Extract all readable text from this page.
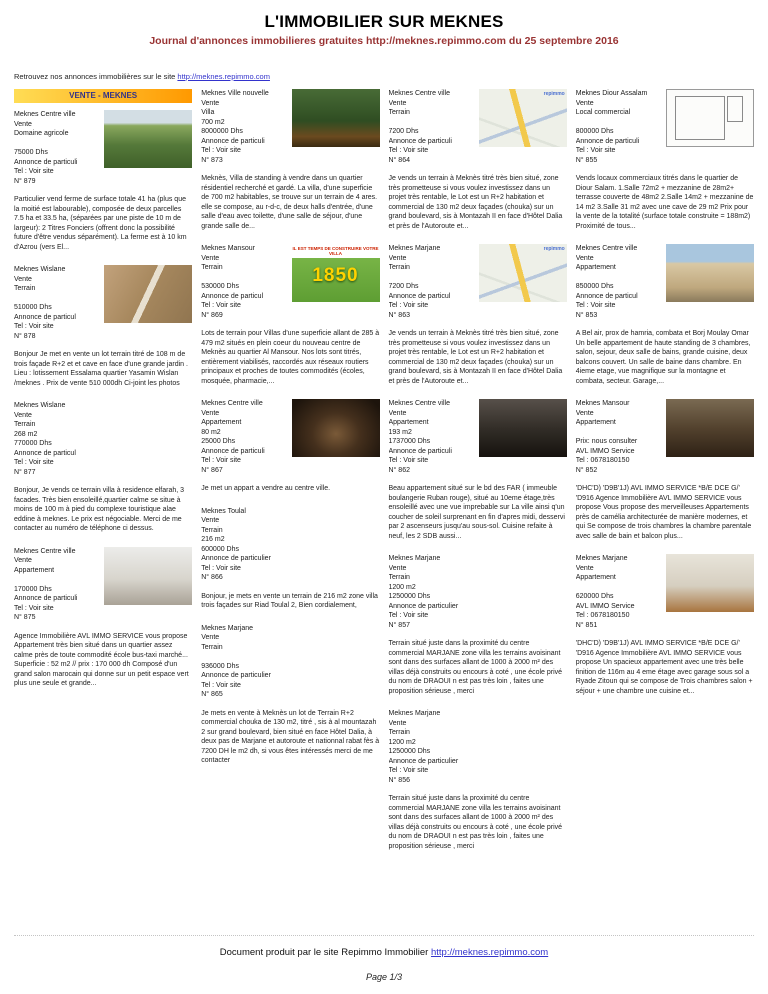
L'IMMOBILIER SUR MEKNES
Journal d'annonces immobilieres gratuites http://meknes.repimmo.com du 25 septembre 2016
Retrouvez nos annonces immobilières sur le site http://meknes.repimmo.com
VENTE - MEKNES
Meknes Centre ville
Vente
Domaine agricole
75000 Dhs
Annonce de particuli
Tel : Voir site
N° 879
Particulier vend ferme de surface totale 41 ha (plus que la moitié est labourable), composée de deux parcelles 7.5 ha et 33.5 ha, (séparées par une piste de 10 m de largeur): 2 Titres Fonciers (offrent donc la possibilité future d'être vendus séparément). La ferme est à 10 km d'Azrou (vers El...
Meknes Wislane
Vente
Terrain
510000 Dhs
Annonce de particul
Tel : Voir site
N° 878
Bonjour Je met en vente un lot terrain titré de 108 m de trois façade R+2 et et cave en face d'une grande jardin . Lieu : lotissement Essalama quartier Yasamin Wislan /meknes . Prix de vente 510 000dh Ci-joint les photos
Meknes Wislane
Vente
Terrain
268 m2
770000 Dhs
Annonce de particul
Tel : Voir site
N° 877
Bonjour, Je vends ce terrain villa à residence elfarah, 3 facades. Très bien ensoleillé,quartier calme se situe à moins de 100 m à pied du complexe touristique alae eddine à meknes. Le prix est négociable. Merci de me contacter au numéro de téléphone ci dessus.
Meknes Centre ville
Vente
Appartement
170000 Dhs
Annonce de particuli
Tel : Voir site
N° 875
Agence Immobilière AVL IMMO SERVICE vous propose Appartement très bien situé dans un quartier assez calme près de toute commodité école bus-taxi marché... Superficie : 52 m2 // prix : 170 000 dh Composé d'un grand salon marocain qui donne sur un petit espace vert plus une seule et grande...
Meknes Ville nouvelle
Vente
Villa
700 m2
8000000 Dhs
Annonce de particuli
Tel : Voir site
N° 873
Meknès, Villa de standing à vendre dans un quartier résidentiel recherché et gardé. La villa, d'une superficie de 700 m2 habitables, se trouve sur un terrain de 4 ares. elle se compose, au r-d-c, de deux halls d'entrée, d'une salle d'eau avec toilette, d'une salle de séjour, d'une grande salle de...
Meknes Mansour
Vente
Terrain
530000 Dhs
Annonce de particul
Tel : Voir site
N° 869
IL EST TEMPS DE CONSTRUIRE VOTRE VILLA
1850
Lots de terrain pour Villas d'une superficie allant de 285 à 479 m2 situés en plein coeur du nouveau centre de Meknès au quartier Al Mansour. Nos lots sont titrés, entièrement viabilisés, raccordés aux réseaux routiers principaux et proches de toutes commodités (écoles, mosquée, pharmacie,...
Meknes Centre ville
Vente
Appartement
80 m2
25000 Dhs
Annonce de particuli
Tel : Voir site
N° 867
Je met un appart a vendre au centre ville.
Meknes Toulal
Vente
Terrain
216 m2
600000 Dhs
Annonce de particulier
Tel : Voir site
N° 866
Bonjour, je mets en vente un terrain de 216 m2 zone villa trois façades sur Riad Toulal 2, Bien cordialement,
Meknes Marjane
Vente
Terrain
936000 Dhs
Annonce de particulier
Tel : Voir site
N° 865
Je mets en vente à Meknès un lot de Terrain R+2 commercial chouka de 130 m2, titré , sis à al mountazah 2 sur grand boulevard, bien situé en face Hôtel Dalia, à deux pas de Marjane et autoroute et nationnal rabat fès à 7200 DH le m2 dh, si vous êtes intéressés merci de me contacter
Meknes Centre ville
Vente
Terrain
7200 Dhs
Annonce de particuli
Tel : Voir site
N° 864
repimmo
Je vends un terrain à Meknès titré très bien situé, zone très prometteuse si vous voulez investissez dans un projet très rentable, le Lot est un R+2 habitation et commercial de 130 m2 deux façades (chouka) sur un grand boulevard, sis à Montazah II en face d'Hôtel Dalia et près de l'Autoroute et...
Meknes Marjane
Vente
Terrain
7200 Dhs
Annonce de particul
Tel : Voir site
N° 863
repimmo
Je vends un terrain à Meknès titré très bien situé, zone très prometteuse si vous voulez investissez dans un projet très rentable, le Lot est un R+2 habitation et commercial de 130 m2 deux façades (chouka) sur un grand boulevard, sis à Montazah II en face d'Hôtel Dalia et près de l'Autoroute et...
Meknes Centre ville
Vente
Appartement
193 m2
1737000 Dhs
Annonce de particuli
Tel : Voir site
N° 862
Beau appartement situé sur le bd des FAR ( immeuble boulangerie Ruban rouge), situé au 10eme étage,très ensoleillé avec une vue imprebable sur La ville ainsi q'un coucher de soleil surprenant en fin d'apres midi, desservi par 2 ascenseurs jusqu'au sous-sol. Cuisine refaite à neuf, les 2 SDB aussi...
Meknes Marjane
Vente
Terrain
1200 m2
1250000 Dhs
Annonce de particulier
Tel : Voir site
N° 857
Terrain situé juste dans la proximité du centre commercial MARJANE zone villa les terrains avoisinant sont dans des surfaces allant de 1000 à 2000 m² des villas déjà construits ou encours à coté , une école privé du nom de DRAOUI n est pas très loin , faites une proposition sérieuse , merci
Meknes Marjane
Vente
Terrain
1200 m2
1250000 Dhs
Annonce de particulier
Tel : Voir site
N° 856
Terrain situé juste dans la proximité du centre commercial MARJANE zone villa les terrains avoisinant sont dans des surfaces allant de 1000 à 2000 m² des villas déjà construits ou encours à coté , une école privé du nom de DRAOUI n est pas très loin , faites une proposition sérieuse , merci
Meknes Diour Assalam
Vente
Local commercial
800000 Dhs
Annonce de particuli
Tel : Voir site
N° 855
Vends locaux commerciaux titrés dans le quartier de Diour Salam. 1.Salle 72m2 + mezzanine de 28m2+ terrasse couverte de 48m2 2.Salle 14m2 + mezzanine de 14 m2 3.Salle 31 m2 avec une cave de 29 m2 Prix pour la vente de la totalité (surface totale construite = 188m2) Proximité de tous...
Meknes Centre ville
Vente
Appartement
850000 Dhs
Annonce de particul
Tel : Voir site
N° 853
A Bel air, prox de hamria, combata et Borj Moulay Omar Un belle appartement de haute standing de 3 chambres, salon, sejour, deux salle de bains, grande cuisine, deux balcons couvert. Un salle de baine dans chambre. En 4ieme etage, vue magnifique sur la montagne et combata, secteur. Garage,...
Meknes Mansour
Vente
Appartement
Prix: nous consulter
AVL IMMO Service
Tel : 0678180150
N° 852
'DHC'D) 'D9B'1J) AVL IMMO SERVICE *B/E DCE G/' 'D916 Agence Immobilière AVL IMMO SERVICE vous propose Vous propose des merveilleuses Appartements près de camélia architecturée de manière modernes, et qui Se compose de trois chambres la chambre parentale avec salle de bain et balcon plus...
Meknes Marjane
Vente
Appartement
620000 Dhs
AVL IMMO Service
Tel : 0678180150
N° 851
'DHC'D) 'D9B'1J) AVL IMMO SERVICE *B/E DCE G/' 'D916 Agence Immobilière AVL IMMO SERVICE vous propose Un spacieux appartement avec une très belle finition de 116m au 4 eme étage avec garage sous sol a Ryade Zitoun qui se compose de Trois chambres salon + séjour + une chambre une cuisine et...
Document produit par le site Repimmo Immobilier http://meknes.repimmo.com
Page 1/3
